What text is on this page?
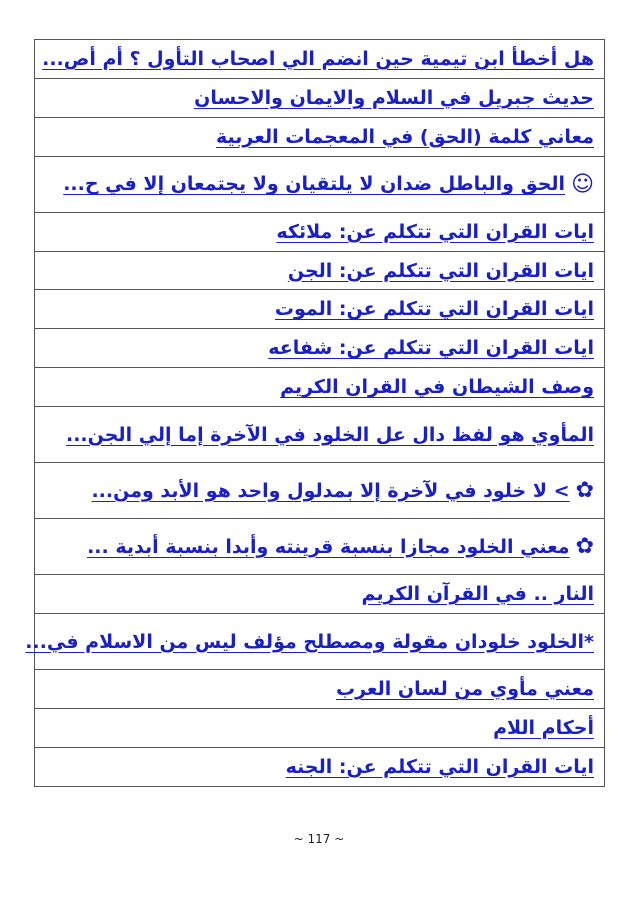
هل أخطأ ابن تيمية حين انضم الي اصحاب التأول ؟ أم أص...
حديث جبريل في السلام والايمان والاحسان
معاني كلمة (الحق) في المعجمات العربية
☺
الحق والباطل ضدان لا يلتقيان ولا يجتمعان إلا في ح...
ايات القران التي تتكلم عن: ملائكه
ايات القران التي تتكلم عن: الجن
ايات القران التي تتكلم عن: الموت
ايات القران التي تتكلم عن: شفاعه
وصف الشيطان في القران الكريم
المأوي هو لفظ دال عل الخلود في الآخرة إما إلي الجن...
✿
> لا خلود في لآخرة إلا بمدلول واحد هو الأبد ومن...
✿
معني الخلود مجازا بنسبة قرينته وأبدا بنسبة أبدية ...
النار .. في القرآن الكريم
*الخلود خلودان مقولة ومصطلح مؤلف ليس من الاسلام في...
معني مأوي من لسان العرب
أحكام اللام
ايات القران التي تتكلم عن: الجنه
~ 117 ~
